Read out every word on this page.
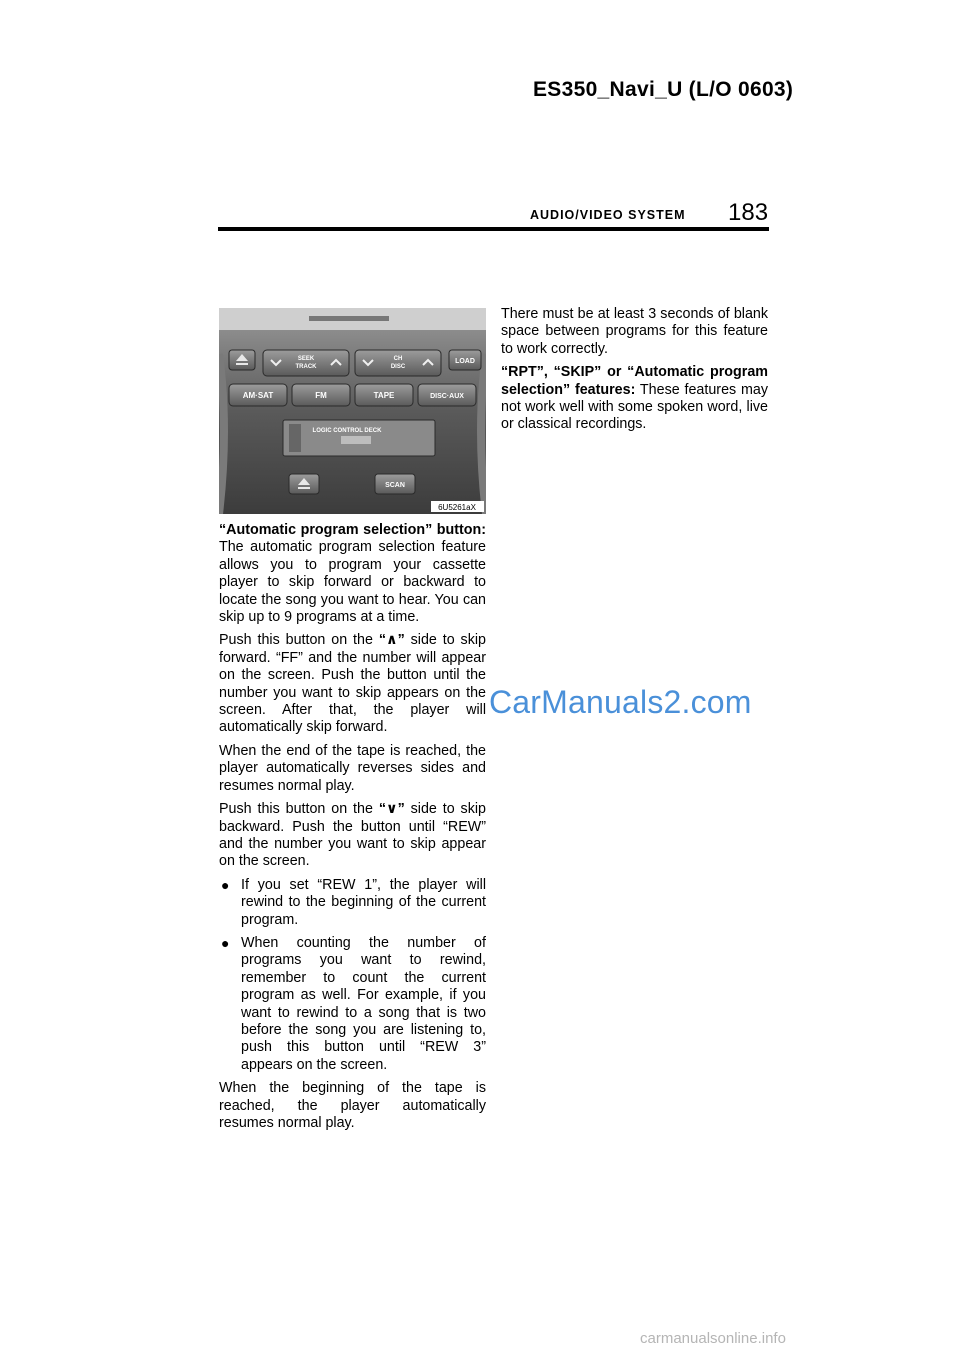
ES350_Navi_U (L/O 0603)
AUDIO/VIDEO SYSTEM 183
SEEK
TRACK
CH
DISC
LOAD
AM·SAT	FM	TAPE	DISC·AUX
LOGIC CONTROL DECK
SCAN
6U5261aX

“Automatic program selection” button: The automatic program selection feature allows you to program your cassette player to skip forward or backward to locate the song you want to hear. You can skip up to 9 programs at a time.

Push this button on the “∧” side to skip forward. “FF” and the number will appear on the screen. Push the button until the number you want to skip appears on the screen. After that, the player will automatically skip forward.

When the end of the tape is reached, the player automatically reverses sides and resumes normal play.

Push this button on the “∨” side to skip backward. Push the button until “REW” and the number you want to skip appear on the screen.

● If you set “REW 1”, the player will rewind to the beginning of the current program.
● When counting the number of programs you want to rewind, remember to count the current program as well. For example, if you want to rewind to a song that is two before the song you are listening to, push this button until “REW 3” appears on the screen.

When the beginning of the tape is reached, the player automatically resumes normal play.

There must be at least 3 seconds of blank space between programs for this feature to work correctly.

“RPT”, “SKIP” or “Automatic program selection” features: These features may not work well with some spoken word, live or classical recordings.

CarManuals2.com
carmanualsonline.info
